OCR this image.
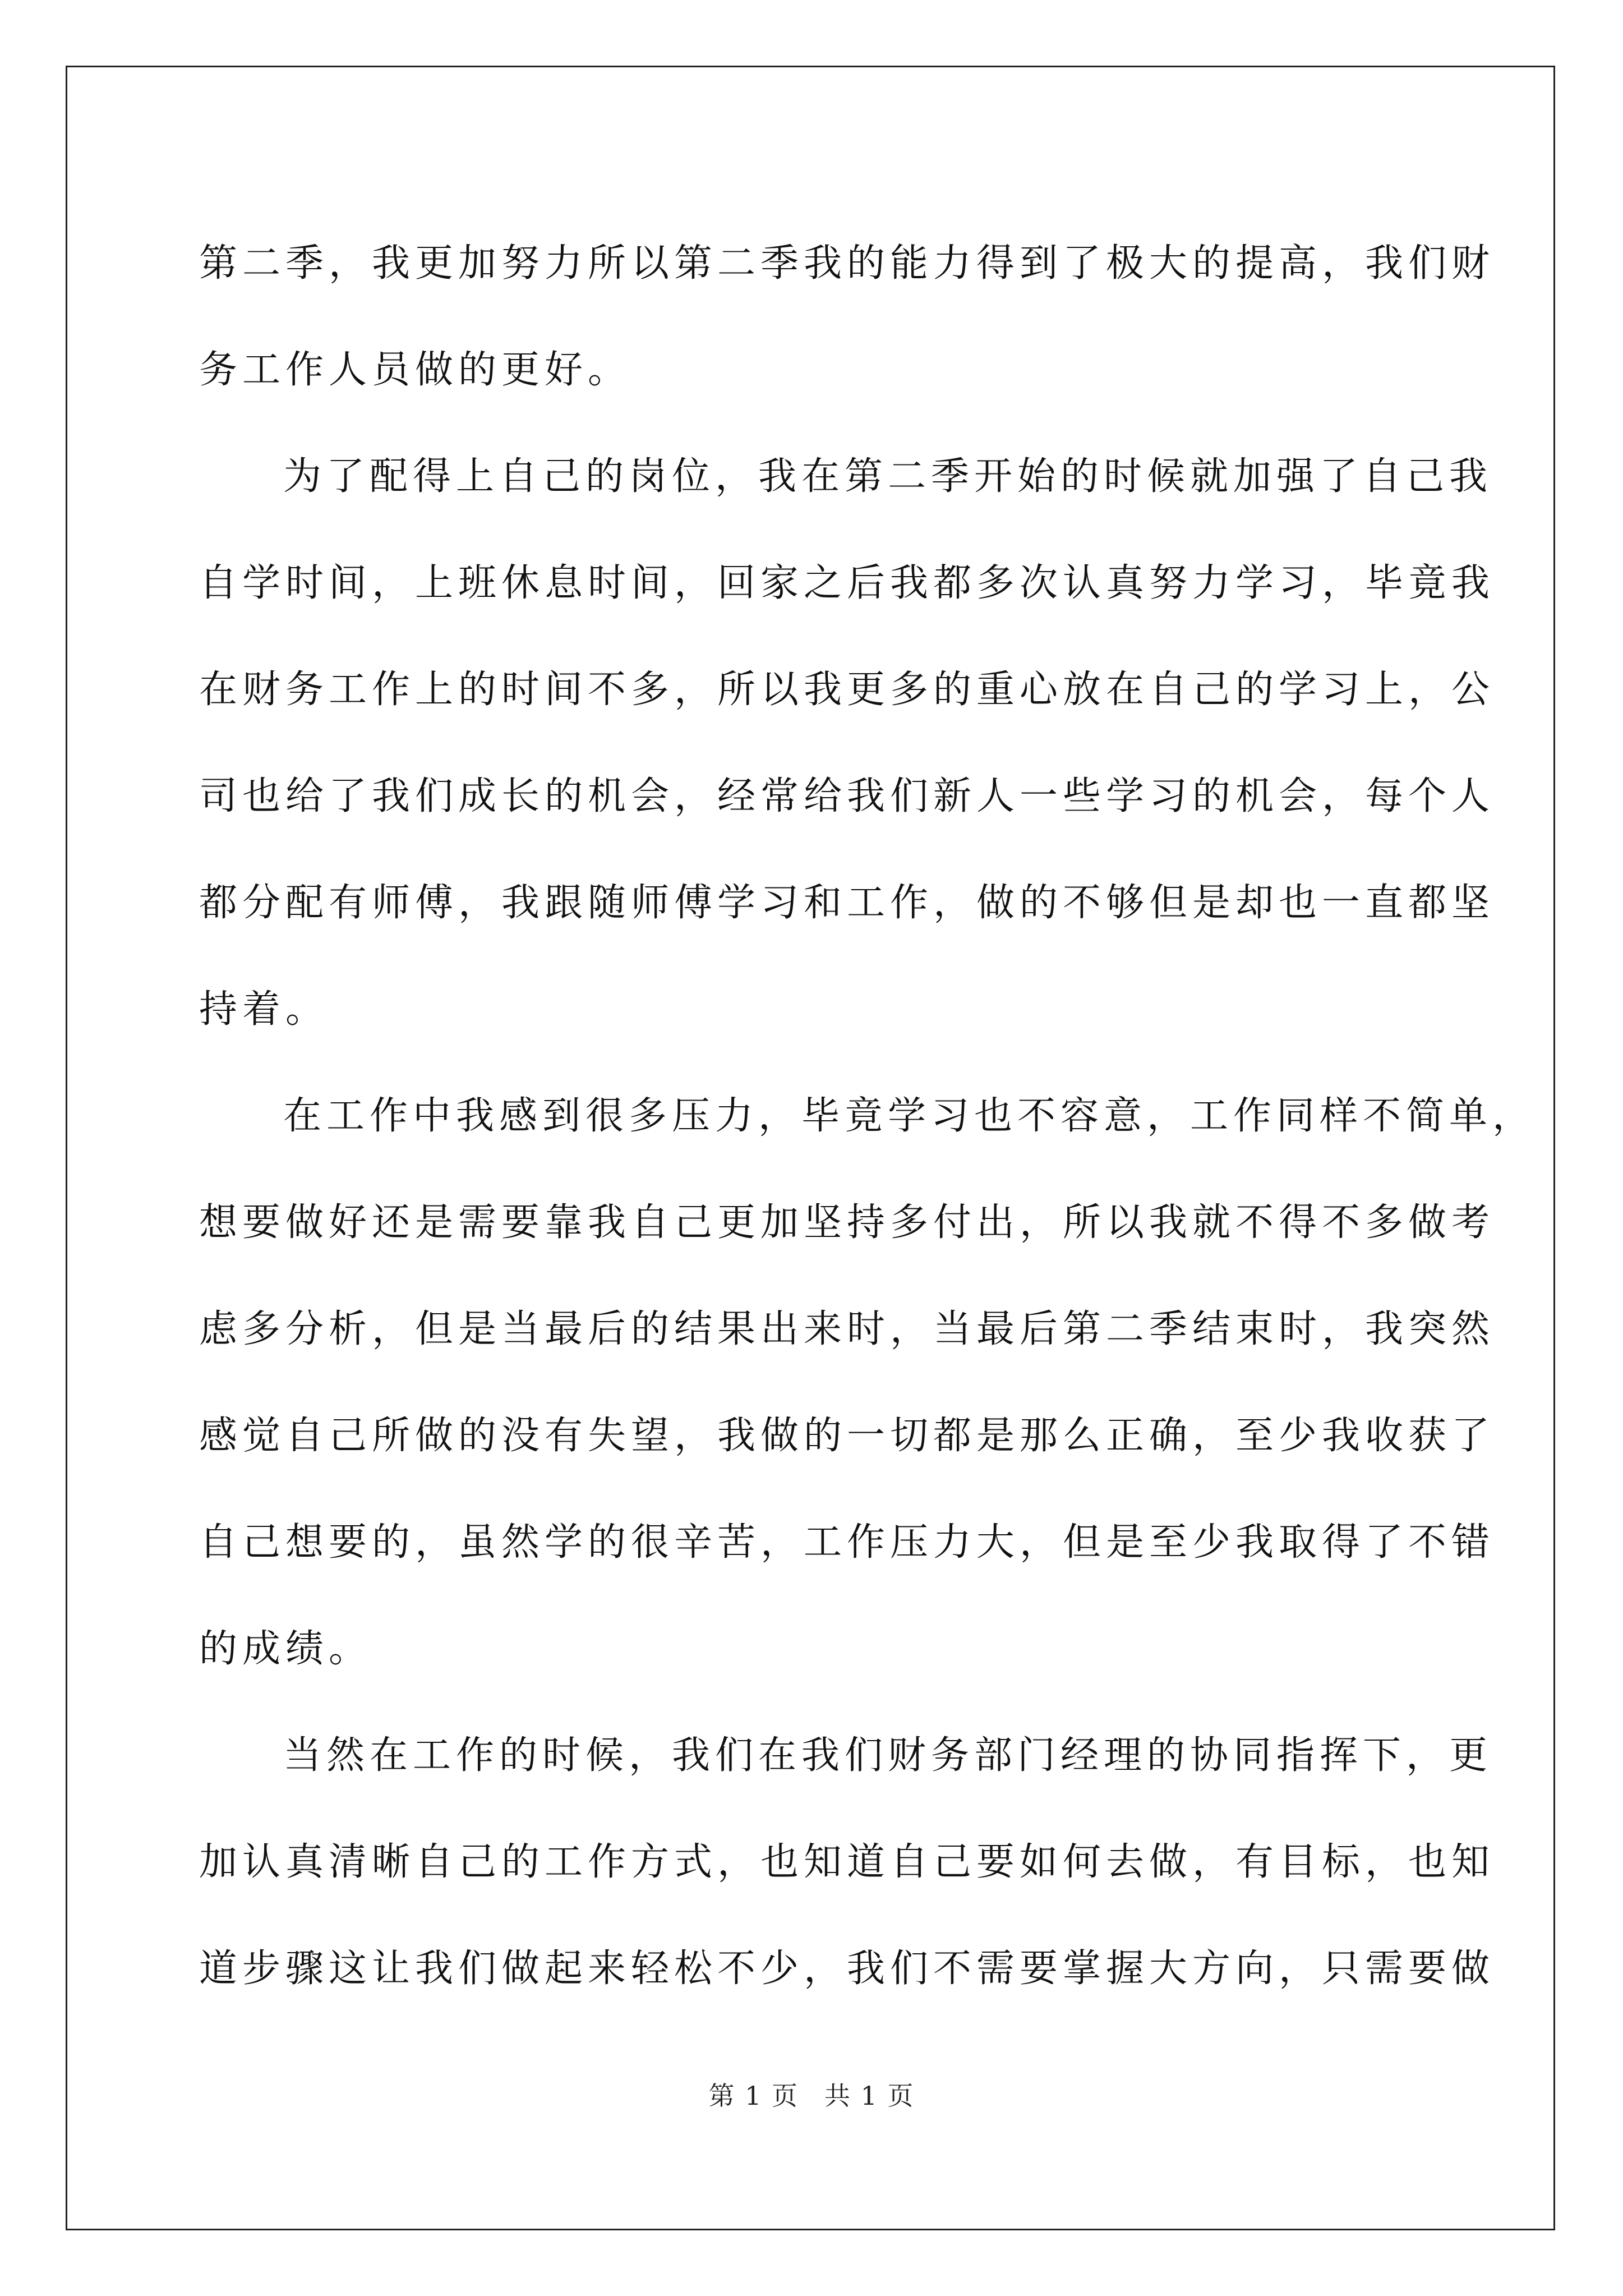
第二季，我更加努力所以第二季我的能力得到了极大的提高，我们财
务工作人员做的更好。
为了配得上自己的岗位，我在第二季开始的时候就加强了自己我
自学时间，上班休息时间，回家之后我都多次认真努力学习，毕竟我
在财务工作上的时间不多，所以我更多的重心放在自己的学习上，公
司也给了我们成长的机会，经常给我们新人一些学习的机会，每个人
都分配有师傅，我跟随师傅学习和工作，做的不够但是却也一直都坚
持着。
在工作中我感到很多压力，毕竟学习也不容意，工作同样不简单，
想要做好还是需要靠我自己更加坚持多付出，所以我就不得不多做考
虑多分析，但是当最后的结果出来时，当最后第二季结束时，我突然
感觉自己所做的没有失望，我做的一切都是那么正确，至少我收获了
自己想要的，虽然学的很辛苦，工作压力大，但是至少我取得了不错
的成绩。
当然在工作的时候，我们在我们财务部门经理的协同指挥下，更
加认真清晰自己的工作方式，也知道自己要如何去做，有目标，也知
道步骤这让我们做起来轻松不少，我们不需要掌握大方向，只需要做
第 1 页 共 1 页
